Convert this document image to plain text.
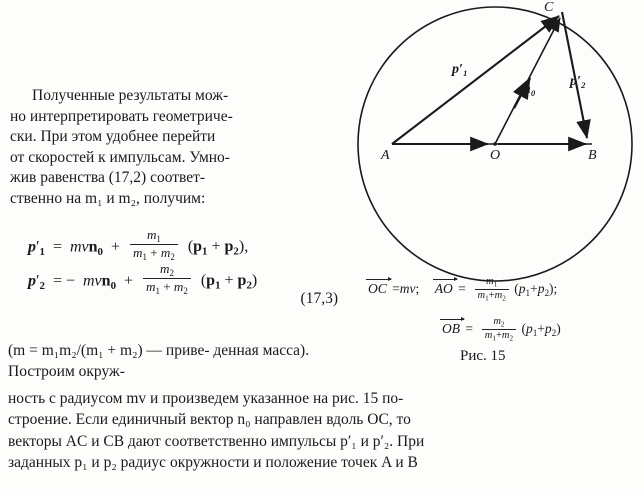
Полученные результаты мож-

но интерпретировать геометриче-

ски. При этом удобнее перейти

от скоростей к импульсам. Умно-

жив равенства (17,2) соответ-

ственно на m₁ и m₂, получим:

$p'_1 = mvn_0 + \frac{m_1}{m_1 + m_2} (p_1 + p_2)$,
$p'_2$  = −  $mvn_0 + \frac{m_2}{m_1 + m_2} (p_1 + p_2)$
(17,3)
(m = m₁m₂/(m₁ + m₂) — приве- денная масса). Построим окруж-
ность с радиусом mv и произведем указанное на рис. 15 по-
строение. Если единичный вектор n₀ направлен вдоль OC, то
векторы AC и CB дают соответственно импульсы p′₁ и p′₂. При
заданных p₁ и p₂ радиус окружности и положение точек A и B
C
A	B
O
p′₁
p′₂
n₀
OC =mv;    AO = $\frac{m_1}{m_1+m_2} (p_1+p_2)$;
OB = $\frac{m_2}{m_1+m_2} (p_1+p_2)$
Рис. 15
